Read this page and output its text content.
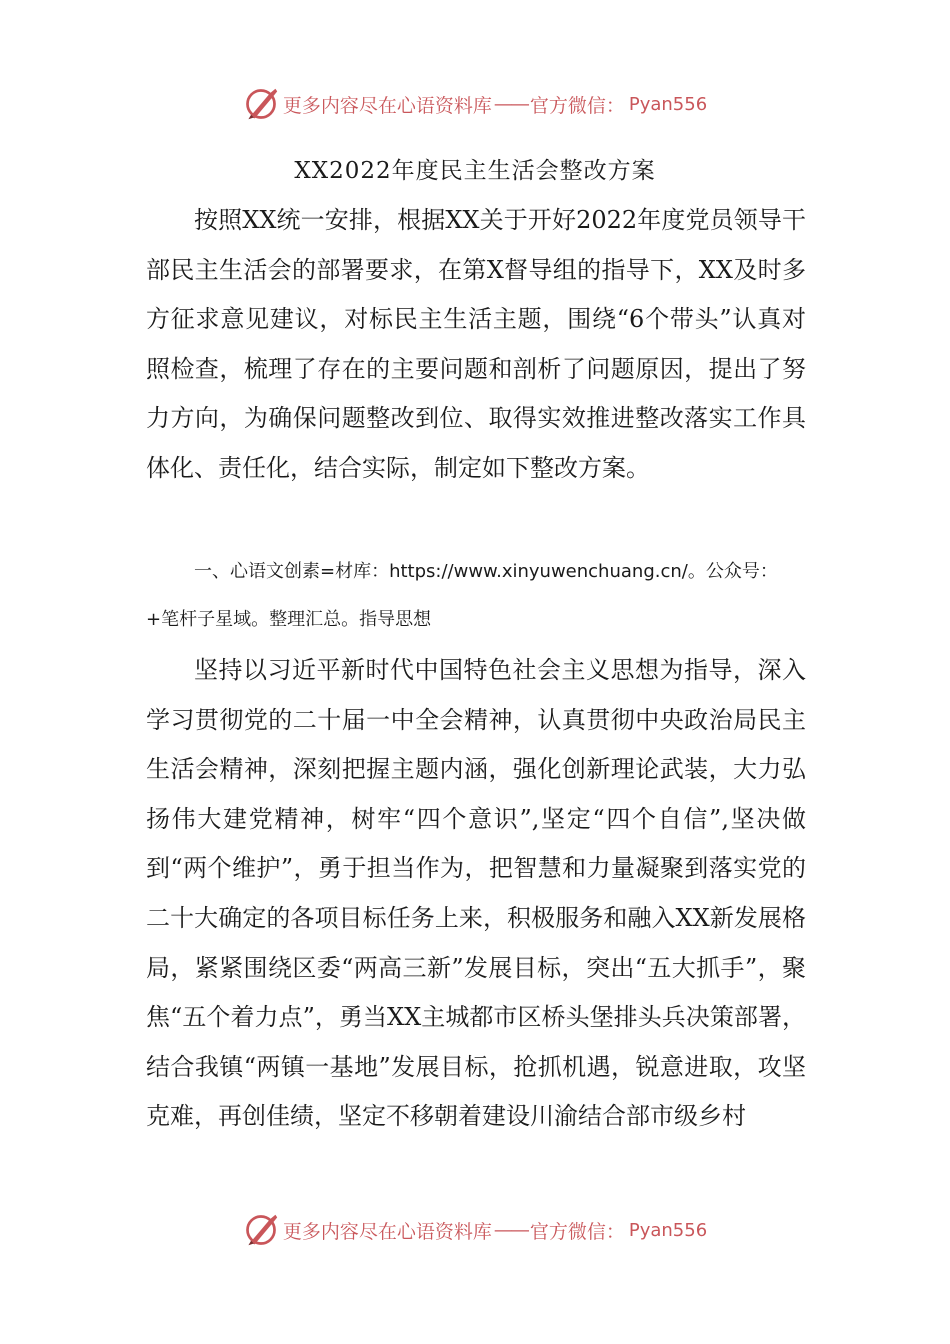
更多内容尽在心语资料库 —— 官方微信： Pyan556
XX2022年度民主生活会整改方案

按照XX统一安排，根据XX关于开好2022年度党员领导干部民主生活会的部署要求，在第X督导组的指导下，XX及时多方征求意见建议，对标民主生活主题，围绕“6个带头”认真对照检查，梳理了存在的主要问题和剖析了问题原因，提出了努力方向，为确保问题整改到位、取得实效推进整改落实工作具体化、责任化，结合实际，制定如下整改方案。

一、心语文创素=材库：https://www.xinyuwenchuang.cn/。公众号：+笔杆子星域。整理汇总。指导思想

坚持以习近平新时代中国特色社会主义思想为指导，深入学习贯彻党的二十届一中全会精神，认真贯彻中央政治局民主生活会精神，深刻把握主题内涵，强化创新理论武装，大力弘扬伟大建党精神，树牢“四个意识”,坚定“四个自信”,坚决做到“两个维护”，勇于担当作为，把智慧和力量凝聚到落实党的二十大确定的各项目标任务上来，积极服务和融入XX新发展格局，紧紧围绕区委“两高三新”发展目标，突出“五大抓手”，聚焦“五个着力点”，勇当XX主城都市区桥头堡排头兵决策部署，结合我镇“两镇一基地”发展目标，抢抓机遇，锐意进取，攻坚克难，再创佳绩，坚定不移朝着建设川渝结合部市级乡村

更多内容尽在心语资料库 —— 官方微信： Pyan556
